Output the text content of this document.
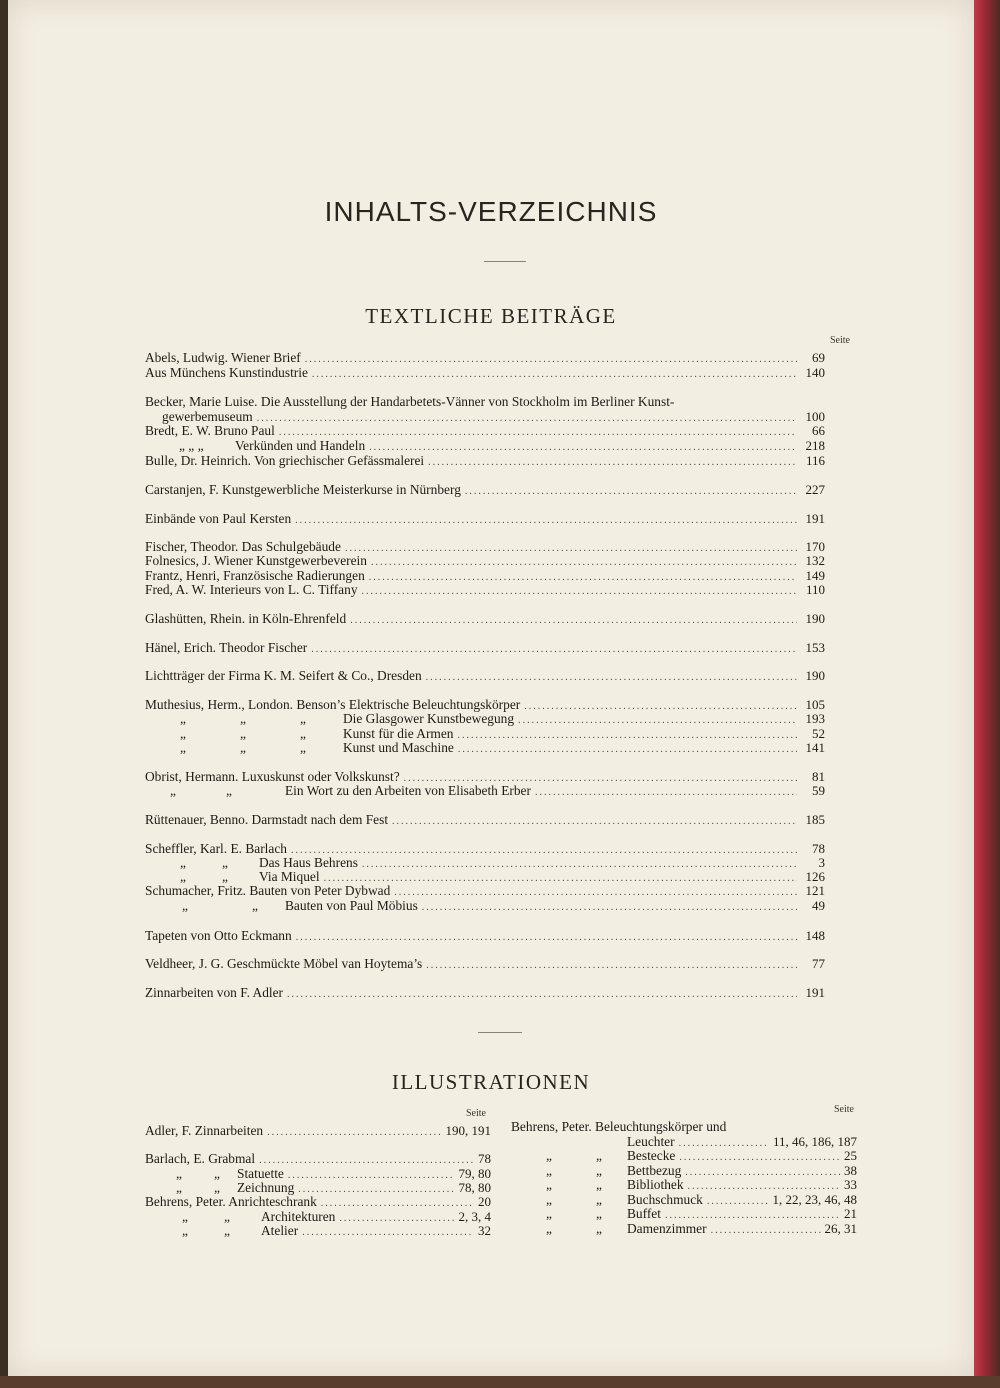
INHALTS-VERZEICHNIS
TEXTLICHE BEITRÄGE
Seite
Abels, Ludwig. Wiener Brief .....	69
Aus Münchens Kunstindustrie .....	140
Becker, Marie Luise. Die Ausstellung der Handarbetets-Vänner von Stockholm im Berliner Kunst-
gewerbemuseum .....	100
Bredt, E. W. Bruno Paul .....	66
„ „ „ Verkünden und Handeln .....	218
Bulle, Dr. Heinrich. Von griechischer Gefässmalerei .....	116
Carstanjen, F. Kunstgewerbliche Meisterkurse in Nürnberg .....	227
Einbände von Paul Kersten .....	191
Fischer, Theodor. Das Schulgebäude .....	170
Folnesics, J. Wiener Kunstgewerbeverein .....	132
Frantz, Henri, Französische Radierungen .....	149
Fred, A. W. Interieurs von L. C. Tiffany .....	110
Glashütten, Rhein. in Köln-Ehrenfeld .....	190
Hänel, Erich. Theodor Fischer .....	153
Lichtträger der Firma K. M. Seifert & Co., Dresden .....	190
Muthesius, Herm., London. Benson’s Elektrische Beleuchtungskörper .....	105
„	„	„	Die Glasgower Kunstbewegung .....	193
„	„	„	Kunst für die Armen .....	52
„	„	„	Kunst und Maschine .....	141
Obrist, Hermann. Luxuskunst oder Volkskunst? .....	81
„	„	Ein Wort zu den Arbeiten von Elisabeth Erber .....	59
Rüttenauer, Benno. Darmstadt nach dem Fest .....	185
Scheffler, Karl. E. Barlach .....	78
„	„ Das Haus Behrens .....	3
„	„ Via Miquel .....	126
Schumacher, Fritz. Bauten von Peter Dybwad .....	121
„	„ Bauten von Paul Möbius .....	49
Tapeten von Otto Eckmann .....	148
Veldheer, J. G. Geschmückte Möbel van Hoytema’s .....	77
Zinnarbeiten von F. Adler .....	191
ILLUSTRATIONEN
Seite	Seite
Adler, F. Zinnarbeiten .....	190, 191
Barlach, E. Grabmal .....	78
„ „ Statuette .....	79, 80
„ „ Zeichnung .....	78, 80
Behrens, Peter. Anrichteschrank .....	20
„	„ Architekturen .....	2, 3, 4
„	„ Atelier .....	32
Behrens, Peter. Beleuchtungskörper und
Leuchter .....	11, 46, 186, 187
„	„ Bestecke .....	25
„	„ Bettbezug .....	38
„	„ Bibliothek .....	33
„	„ Buchschmuck .....	1, 22, 23, 46, 48
„	„ Buffet .....	21
„	„ Damenzimmer .....	26, 31
